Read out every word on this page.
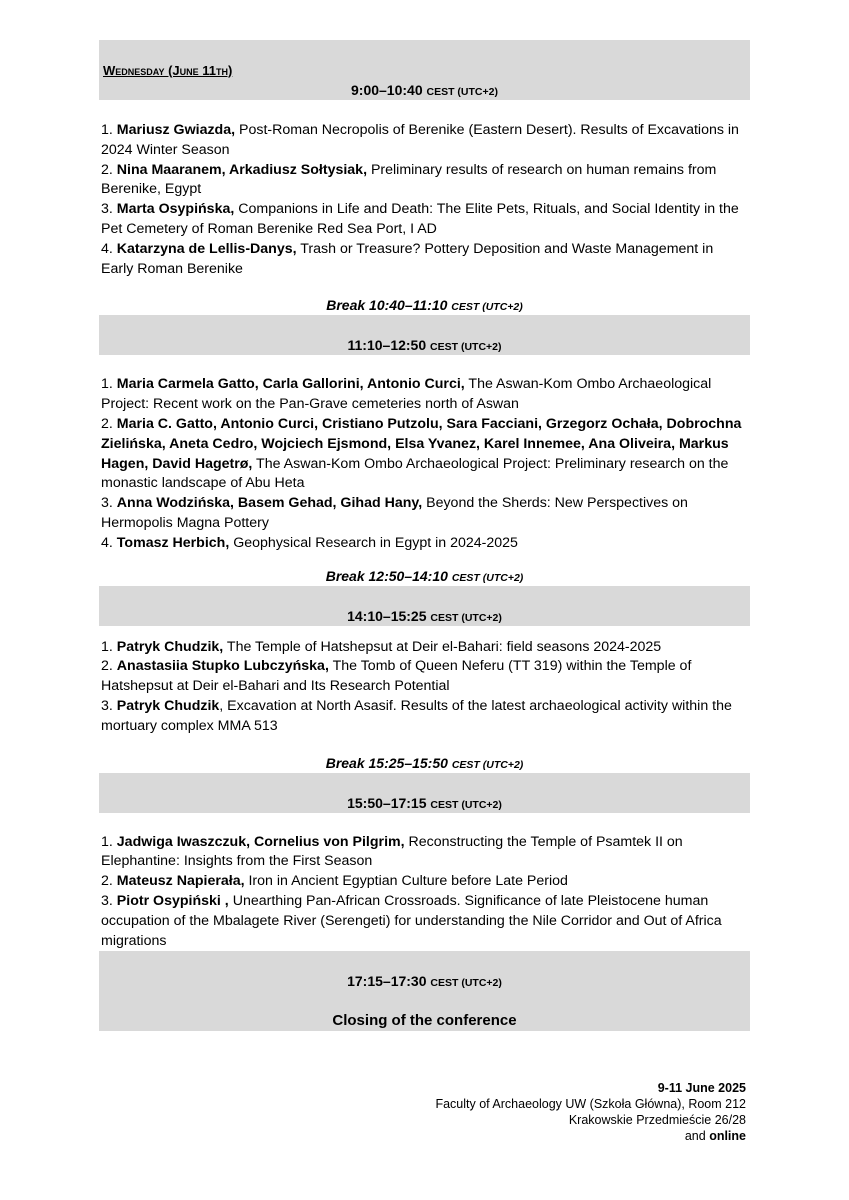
Wednesday (June 11th)
9:00–10:40 CEST (UTC+2)

1. Mariusz Gwiazda, Post-Roman Necropolis of Berenike (Eastern Desert). Results of Excavations in 2024 Winter Season

2. Nina Maaranem, Arkadiusz Sołtysiak, Preliminary results of research on human remains from Berenike, Egypt

3. Marta Osypińska, Companions in Life and Death: The Elite Pets, Rituals, and Social Identity in the Pet Cemetery of Roman Berenike Red Sea Port, I AD

4. Katarzyna de Lellis-Danys, Trash or Treasure? Pottery Deposition and Waste Management in Early Roman Berenike

Break 10:40–11:10 CEST (UTC+2)
11:10–12:50 CEST (UTC+2)

1. Maria Carmela Gatto, Carla Gallorini, Antonio Curci, The Aswan-Kom Ombo Archaeological Project: Recent work on the Pan-Grave cemeteries north of Aswan

2. Maria C. Gatto, Antonio Curci, Cristiano Putzolu, Sara Facciani, Grzegorz Ochała, Dobrochna Zielińska, Aneta Cedro, Wojciech Ejsmond, Elsa Yvanez, Karel Innemee, Ana Oliveira, Markus Hagen, David Hagetrø, The Aswan-Kom Ombo Archaeological Project: Preliminary research on the monastic landscape of Abu Heta

3. Anna Wodzińska, Basem Gehad, Gihad Hany, Beyond the Sherds: New Perspectives on Hermopolis Magna Pottery

4. Tomasz Herbich, Geophysical Research in Egypt in 2024-2025

Break 12:50–14:10 CEST (UTC+2)
14:10–15:25 CEST (UTC+2)

1. Patryk Chudzik, The Temple of Hatshepsut at Deir el-Bahari: field seasons 2024-2025

2. Anastasiia Stupko Lubczyńska, The Tomb of Queen Neferu (TT 319) within the Temple of Hatshepsut at Deir el-Bahari and Its Research Potential

3. Patryk Chudzik, Excavation at North Asasif. Results of the latest archaeological activity within the mortuary complex MMA 513

Break 15:25–15:50 CEST (UTC+2)
15:50–17:15 CEST (UTC+2)

1. Jadwiga Iwaszczuk, Cornelius von Pilgrim, Reconstructing the Temple of Psamtek II on Elephantine: Insights from the First Season

2. Mateusz Napierała, Iron in Ancient Egyptian Culture before Late Period

3. Piotr Osypiński , Unearthing Pan-African Crossroads. Significance of late Pleistocene human occupation of the Mbalagete River (Serengeti) for understanding the Nile Corridor and Out of Africa migrations

17:15–17:30 CEST (UTC+2)
Closing of the conference
9-11 June 2025
Faculty of Archaeology UW (Szkoła Główna), Room 212
Krakowskie Przedmieście 26/28
and online
